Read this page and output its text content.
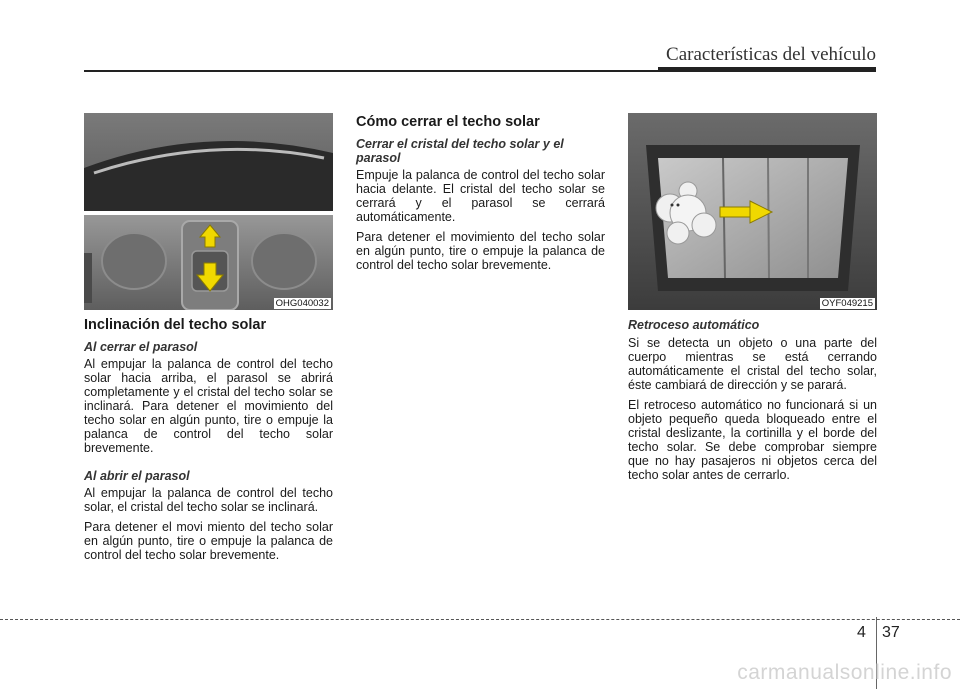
Características del vehículo
OHG040032
Inclinación del techo solar
Al cerrar el parasol

Al empujar la palanca de control del techo solar hacia arriba, el parasol se abrirá completamente y el cristal del techo solar se inclinará. Para detener el movimiento del techo solar en algún punto, tire o empuje la palanca de control del techo solar brevemente.

Al abrir el parasol

Al empujar la palanca de control del techo solar, el cristal del techo solar se inclinará.

Para detener el movi miento del techo solar en algún punto, tire o empuje la palanca de control del techo solar brevemente.

Cómo cerrar el techo solar
Cerrar el cristal del techo solar y el parasol

Empuje la palanca de control del techo solar hacia delante. El cristal del techo solar se cerrará y el parasol se cerrará automáticamente.

Para detener el movimiento del techo solar en algún punto, tire o empuje la palanca de control del techo solar brevemente.

OYF049215
Retroceso automático

Si se detecta un objeto o una parte del cuerpo mientras se está cerrando automáticamente el cristal del techo solar, éste cambiará de dirección y se parará.

El retroceso automático no funcionará si un objeto pequeño queda bloqueado entre el cristal deslizante, la cortinilla y el borde del techo solar. Se debe comprobar siempre que no hay pasajeros ni objetos cerca del techo solar antes de cerrarlo.

4 37
carmanualsonline.info
